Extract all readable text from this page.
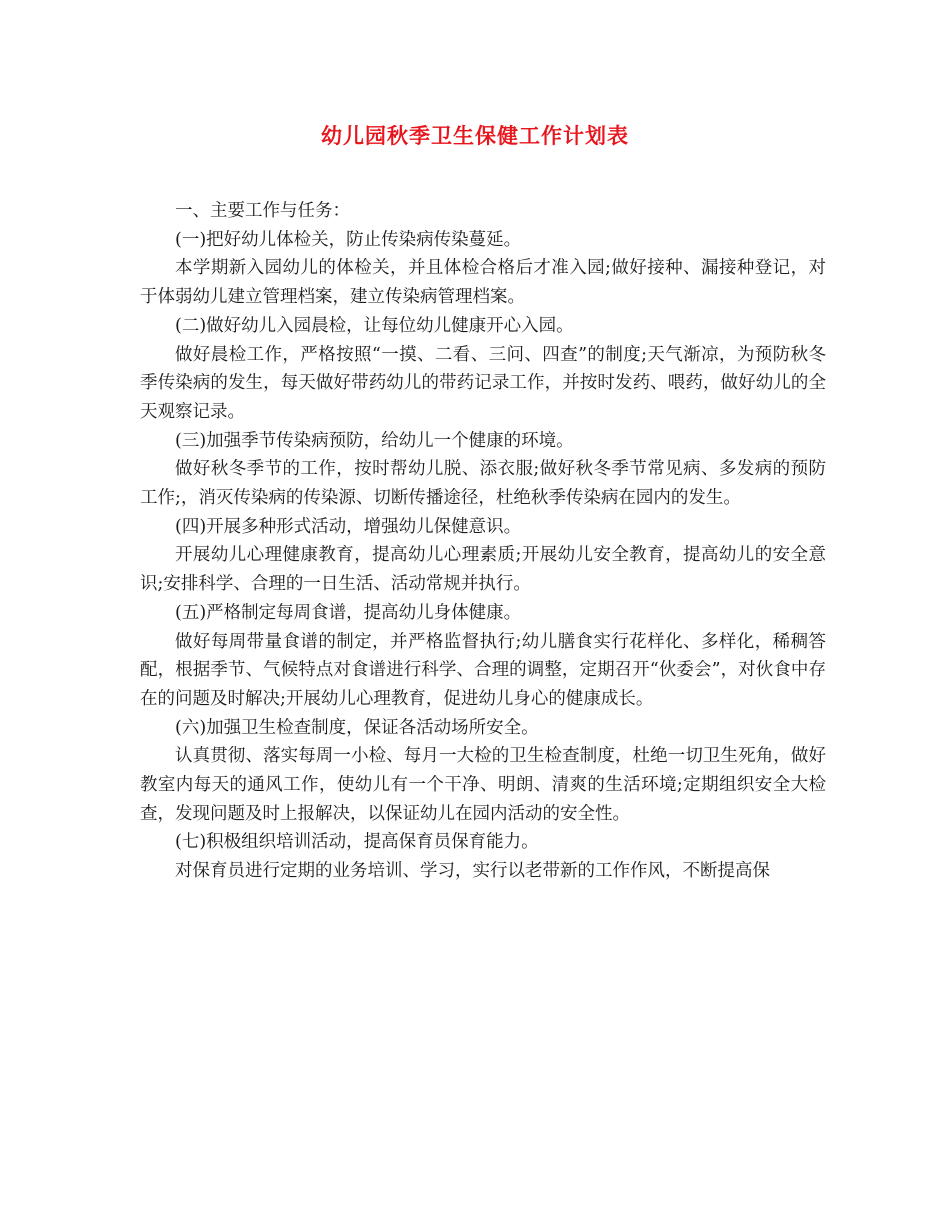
幼儿园秋季卫生保健工作计划表

一、主要工作与任务：

(一)把好幼儿体检关，防止传染病传染蔓延。

本学期新入园幼儿的体检关，并且体检合格后才准入园;做好接种、漏接种登记，对于体弱幼儿建立管理档案，建立传染病管理档案。

(二)做好幼儿入园晨检，让每位幼儿健康开心入园。

做好晨检工作，严格按照“一摸、二看、三问、四查”的制度;天气渐凉，为预防秋冬季传染病的发生，每天做好带药幼儿的带药记录工作，并按时发药、喂药，做好幼儿的全天观察记录。

(三)加强季节传染病预防，给幼儿一个健康的环境。

做好秋冬季节的工作，按时帮幼儿脱、添衣服;做好秋冬季节常见病、多发病的预防工作;，消灭传染病的传染源、切断传播途径，杜绝秋季传染病在园内的发生。

(四)开展多种形式活动，增强幼儿保健意识。

开展幼儿心理健康教育，提高幼儿心理素质;开展幼儿安全教育，提高幼儿的安全意识;安排科学、合理的一日生活、活动常规并执行。

(五)严格制定每周食谱，提高幼儿身体健康。

做好每周带量食谱的制定，并严格监督执行;幼儿膳食实行花样化、多样化，稀稠答配，根据季节、气候特点对食谱进行科学、合理的调整，定期召开“伙委会”，对伙食中存在的问题及时解决;开展幼儿心理教育，促进幼儿身心的健康成长。

(六)加强卫生检查制度，保证各活动场所安全。

认真贯彻、落实每周一小检、每月一大检的卫生检查制度，杜绝一切卫生死角，做好教室内每天的通风工作，使幼儿有一个干净、明朗、清爽的生活环境;定期组织安全大检查，发现问题及时上报解决，以保证幼儿在园内活动的安全性。

(七)积极组织培训活动，提高保育员保育能力。

对保育员进行定期的业务培训、学习，实行以老带新的工作作风，不断提高保
